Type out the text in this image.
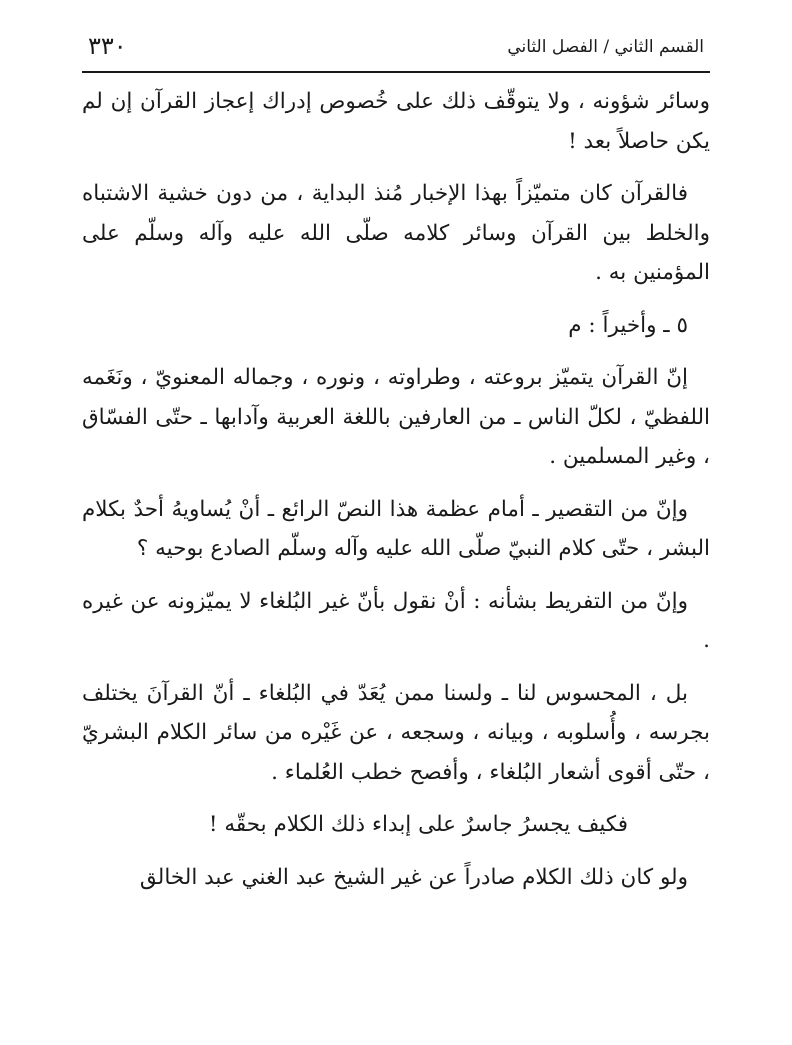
القسم الثاني / الفصل الثاني
٣٣٠

وسائر شؤونه ، ولا يتوقّف ذلك على خُصوص إدراك إعجاز القرآن إن لم يكن حاصلاً بعد !

فالقرآن كان متميّزاً بهذا الإخبار مُنذ البداية ، من دون خشية الاشتباه والخلط بين القرآن وسائر كلامه صلّى الله عليه وآله وسلّم على المؤمنين به .

٥ ـ وأخيراً : م

إنّ القرآن يتميّز بروعته ، وطراوته ، ونوره ، وجماله المعنويّ ، ونَغَمه اللفظيّ ، لكلّ الناس ـ من العارفين باللغة العربية وآدابها ـ حتّى الفسّاق ، وغير المسلمين .

وإنّ من التقصير ـ أمام عظمة هذا النصّ الرائع ـ أنْ يُساويهُ أحدٌ بكلام البشر ، حتّى كلام النبيّ صلّى الله عليه وآله وسلّم الصادع بوحيه ؟

وإنّ من التفريط بشأنه : أنْ نقول بأنّ غير البُلغاء لا يميّزونه عن غيره .

بل ، المحسوس لنا ـ ولسنا ممن يُعَدّ في البُلغاء ـ أنّ القرآنَ يختلف بجرسه ، وأُسلوبه ، وبيانه ، وسجعه ، عن غَيْره من سائر الكلام البشريّ ، حتّى أقوى أشعار البُلغاء ، وأفصح خطب العُلماء .

فكيف يجسرُ جاسرٌ على إبداء ذلك الكلام بحقّه !

ولو كان ذلك الكلام صادراً عن غير الشيخ عبد الغني عبد الخالق
